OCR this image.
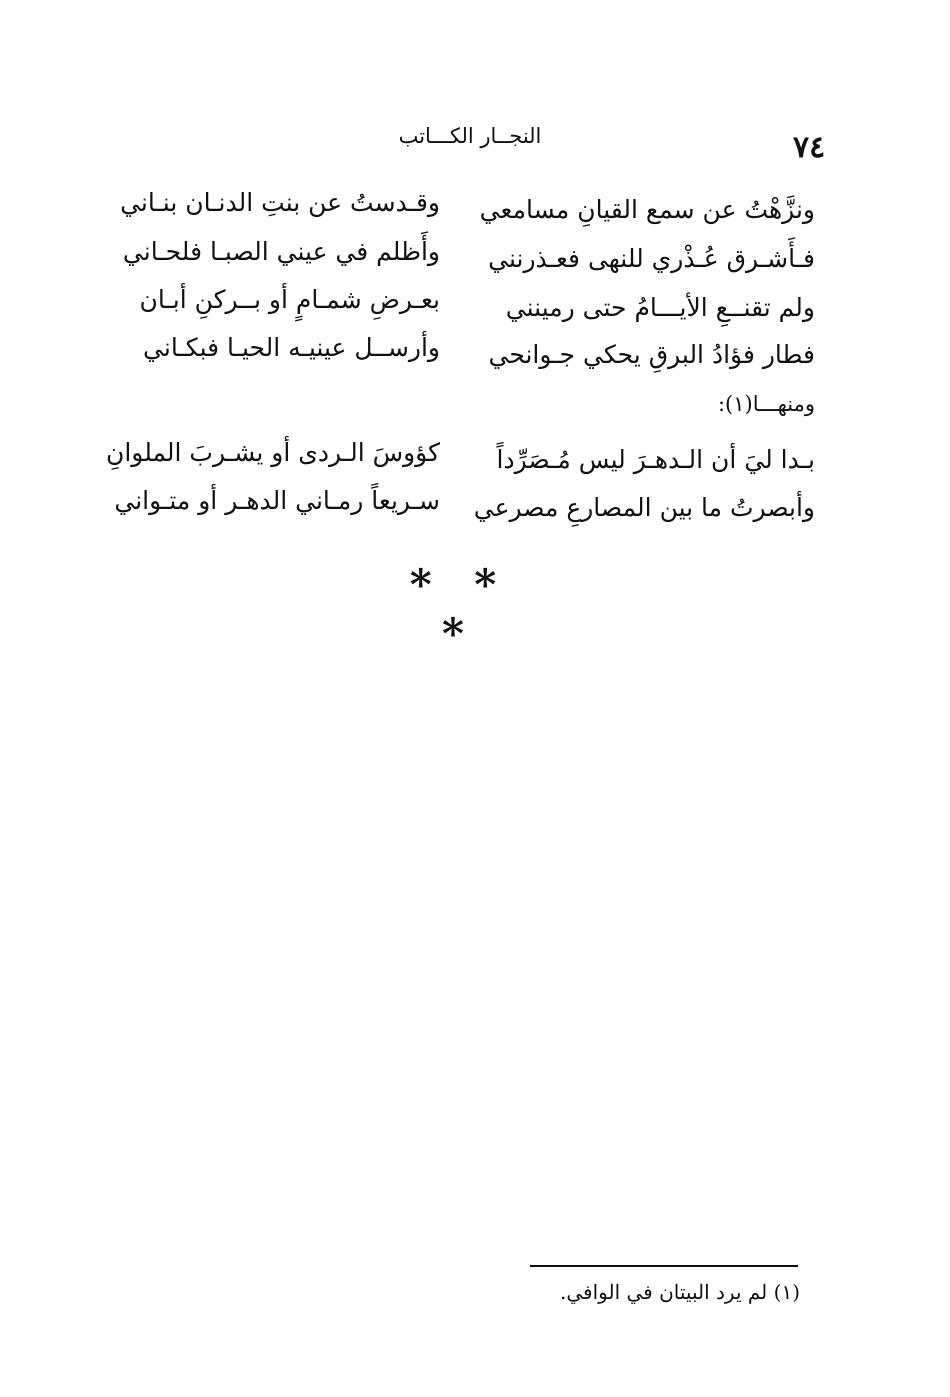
٧٤
النجــار الكـــاتب
ونزَّهْتُ عن سمع القيانِ مسامعي
وقـدستُ عن بنتِ الدنـان بنـاني
فـأَشـرق عُـذْري للنهى فعـذرنني
وأَظلم في عيني الصبـا فلحـاني
ولم تقنــعِ الأيـــامُ حتى رمينني
بعـرضِ شمـامٍ أو بــركنِ أبـان
فطار فؤادُ البرقِ يحكي جـوانحي
وأرســل عينيـه الحيـا فبكـاني
ومنهـــا(١):
بـدا ليَ أن الـدهـرَ ليس مُـصَرِّداً
كؤوسَ الـردى أو يشـربَ الملوانِ
وأبصرتُ ما بين المصارعِ مصرعي
سـريعاً رمـاني الدهـر أو متـواني
* * *
(١) لم يرد البيتان في الوافي.
